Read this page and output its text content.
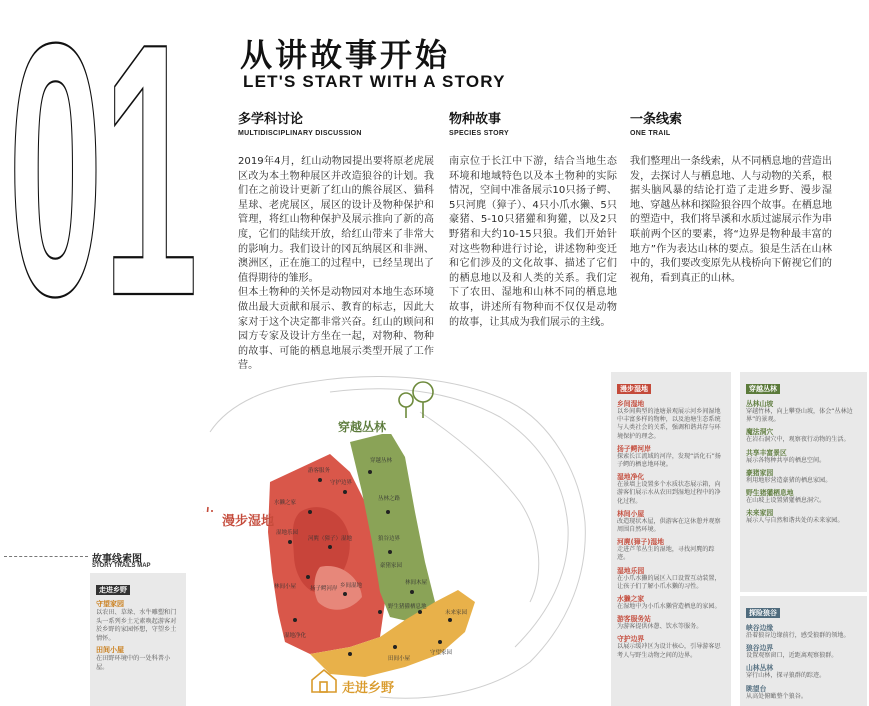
01 从讲故事开始
LET'S START WITH A STORY
多学科讨论
MULTIDISCIPLINARY DISCUSSION

2019年4月，红山动物园提出要将原老虎展区改为本土物种展区并改造狼谷的计划。我们在之前设计更新了红山的熊谷展区、猫科星球、老虎展区，展区的设计及物种保护和管理，将红山物种保护及展示推向了新的高度，它们的陆续开放，给红山带来了非常大的影响力。我们设计的冈瓦纳展区和非洲、澳洲区，正在施工的过程中，已经呈现出了值得期待的雏形。

但本土物种的关怀是动物园对本地生态环境做出最大贡献和展示、教育的标志，因此大家对于这个决定都非常兴奋。红山的顾问和园方专家及设计方坐在一起，对物种、物种的故事、可能的栖息地展示类型开展了工作营。

物种故事
SPECIES STORY

南京位于长江中下游，结合当地生态环境和地域特色以及本土物种的实际情况，空间中准备展示10只扬子鳄、5只河麂（獐子）、4只小爪水獭、5只豪猪、5-10只猪獾和狗獾，以及2只野猪和大约10-15只狼。我们开始针对这些物种进行讨论，讲述物种变迁和它们涉及的文化故事、描述了它们的栖息地以及和人类的关系。我们定下了农田、湿地和山林不同的栖息地故事，讲述所有物种而不仅仅是动物的故事，让其成为我们展示的主线。

一条线索
ONE TRAIL

我们整理出一条线索，从不同栖息地的营造出发，去探讨人与栖息地、人与动物的关系，根据头脑风暴的结论打造了走进乡野、漫步湿地、穿越丛林和探险狼谷四个故事。在栖息地的塑造中，我们将旱溪和水质过滤展示作为串联前两个区的要素，将“边界是物种最丰富的地方”作为表达山林的要点。狼是生活在山林中的，我们要改变原先从栈桥向下俯视它们的视角，看到真正的山林。

故事线索图
STORY TRAILS MAP
走进乡野
守望家园
以农田、草垛、水牛雕塑和门头一系列乡土元素唤起游客对於乡野的家园怀想，守望乡土情怀。
田间小屋
在田野环境中的一处科普小屋。
游客服务
守护边界
水獭之家
湿地乐园
河麂（獐子）湿地
扬子鳄河岸
林间小屋	乡间湿地
湿地净化
穿越丛林
丛林之路
狼谷边界
野生猪獾栖息地
田间小屋
林间木屋
未来家园
守望家园
豪猪家园
穿越丛林
漫步湿地
走进乡野
漫步湿地
乡间湿地
以乡间典型的池塘景观展示河乡间湿地中丰富多样的物种，以及池塘生态系统与人类社会的关系，强调和谐共存与环境保护的理念。
扬子鳄河岸
探索长江流域的河岸，发现“活化石”扬子鳄的栖息地环境。
湿地净化
在景墙上设置多个水质状态展示箱，向游客们展示水从农田到湿地过程中的净化过程。
林间小屋
改造现状木屋，供游客在这休憩并观察周围自然环境。
河麂(獐子)湿地
走进芦苇丛生的湿地，寻找河麂的踪迹。
湿地乐园
在小爪水獭的展区入口设置互动装置，让孩子们了解小爪水獭的习性。
水獭之家
在湿地中为小爪水獭营造栖息的家园。
游客服务站
为游客提供休憩、饮水等服务。
守护边界
以展示缓冲区为设计核心，引导游客思考人与野生动物之间的边界。
穿越丛林
丛林山坡
穿越竹林，向上攀登山坡，体会“丛林边界”的景观。
魔法洞穴
在岩石洞穴中，观察夜行动物的生活。
共享丰富景区
展示各物种共享的栖息空间。
豪猪家园
利用地形营造豪猪的栖息家园。
野生猪獾栖息地
在山坡上设置猪獾栖息洞穴。
未来家园
展示人与自然和谐共处的未来家园。
探险狼谷
峡谷边缘
沿着狼谷边缘前行，感受狼群的领地。
狼谷边界
设置观察窗口，近距离观察狼群。
山林丛林
穿行山林，探寻狼群的踪迹。
眺望台
从高处俯瞰整个狼谷。
